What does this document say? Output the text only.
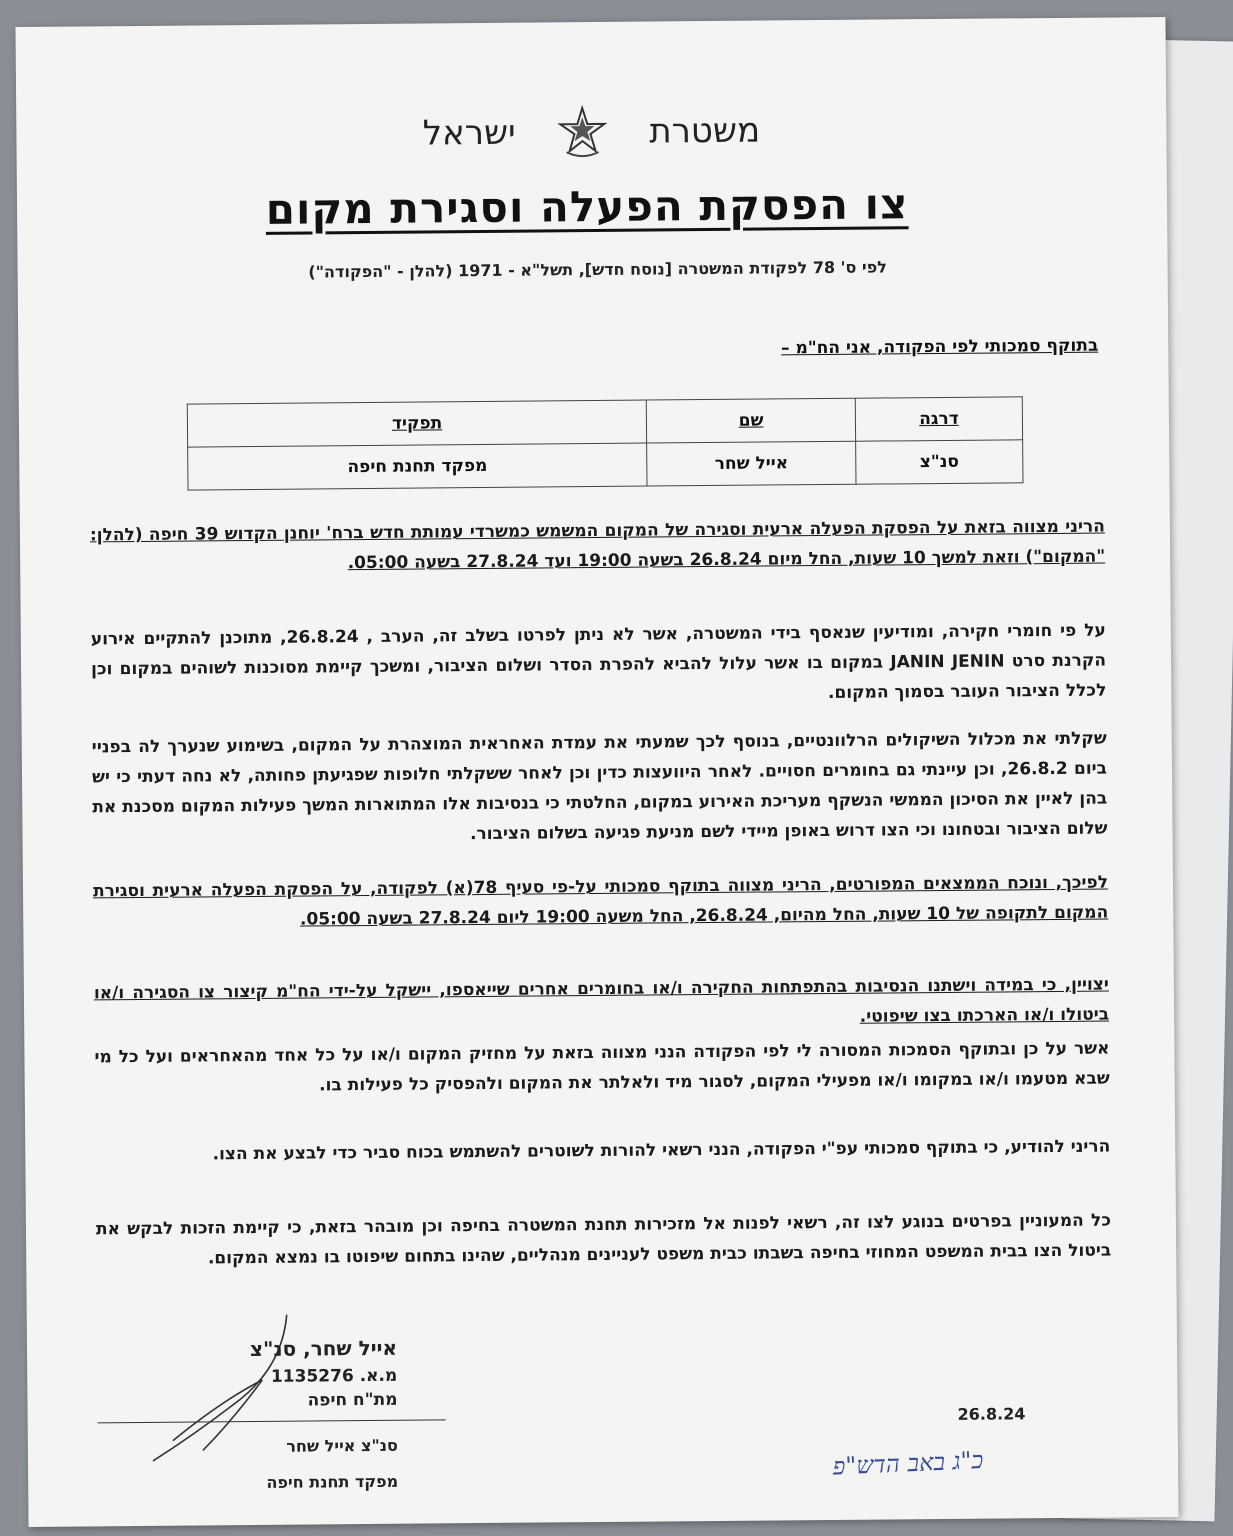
משטרת  ישראל
צו הפסקת הפעלה וסגירת מקום
לפי ס' 78 לפקודת המשטרה [נוסח חדש], תשל"א - 1971 (להלן - "הפקודה")
בתוקף סמכותי לפי הפקודה, אני הח"מ –
דרגה	שם	תפקיד
סנ"צ	אייל שחר	מפקד תחנת חיפה
הריני מצווה בזאת על הפסקת הפעלה ארעית וסגירה של המקום המשמש כמשרדי עמותת חדש ברח' יוחנן הקדוש 39 חיפה (להלן: "המקום") וזאת למשך 10 שעות, החל מיום 26.8.24 בשעה 19:00 ועד 27.8.24 בשעה 05:00.
על פי חומרי חקירה, ומודיעין שנאסף בידי המשטרה, אשר לא ניתן לפרטו בשלב זה, הערב , 26.8.24, מתוכנן להתקיים אירוע הקרנת סרט JANIN JENIN במקום בו אשר עלול להביא להפרת הסדר ושלום הציבור, ומשכך קיימת מסוכנות לשוהים במקום וכן לכלל הציבור העובר בסמוך המקום.
שקלתי את מכלול השיקולים הרלוונטיים, בנוסף לכך שמעתי את עמדת האחראית המוצהרת על המקום, בשימוע שנערך לה בפניי ביום 26.8.2, וכן עיינתי גם בחומרים חסויים. לאחר היוועצות כדין וכן לאחר ששקלתי חלופות שפגיעתן פחותה, לא נחה דעתי כי יש בהן לאיין את הסיכון הממשי הנשקף מעריכת האירוע במקום, החלטתי כי בנסיבות אלו המתוארות המשך פעילות המקום מסכנת את שלום הציבור ובטחונו וכי הצו דרוש באופן מיידי לשם מניעת פגיעה בשלום הציבור.
לפיכך, ונוכח הממצאים המפורטים, הריני מצווה בתוקף סמכותי על-פי סעיף 78(א) לפקודה, על הפסקת הפעלה ארעית וסגירת המקום לתקופה של 10 שעות, החל מהיום, 26.8.24, החל משעה 19:00 ליום 27.8.24 בשעה 05:00.
יצויין, כי במידה וישתנו הנסיבות בהתפתחות החקירה ו/או בחומרים אחרים שייאספו, יישקל על-ידי הח"מ קיצור צו הסגירה ו/או ביטולו ו/או הארכתו בצו שיפוטי.
אשר על כן ובתוקף הסמכות המסורה לי לפי הפקודה הנני מצווה בזאת על מחזיק המקום ו/או על כל אחד מהאחראים ועל כל מי שבא מטעמו ו/או במקומו ו/או מפעילי המקום, לסגור מיד ולאלתר את המקום ולהפסיק כל פעילות בו.
הריני להודיע, כי בתוקף סמכותי עפ"י הפקודה, הנני רשאי להורות לשוטרים להשתמש בכוח סביר כדי לבצע את הצו.
כל המעוניין בפרטים בנוגע לצו זה, רשאי לפנות אל מזכירות תחנת המשטרה בחיפה וכן מובהר בזאת, כי קיימת הזכות לבקש את ביטול הצו בבית המשפט המחוזי בחיפה בשבתו כבית משפט לעניינים מנהליים, שהינו בתחום שיפוטו בו נמצא המקום.
אייל שחר, סנ"צ
מ.א. 1135276
מת"ח חיפה
סנ"צ אייל שחר
מפקד תחנת חיפה
26.8.24
כ"ג באב הדש"פ
